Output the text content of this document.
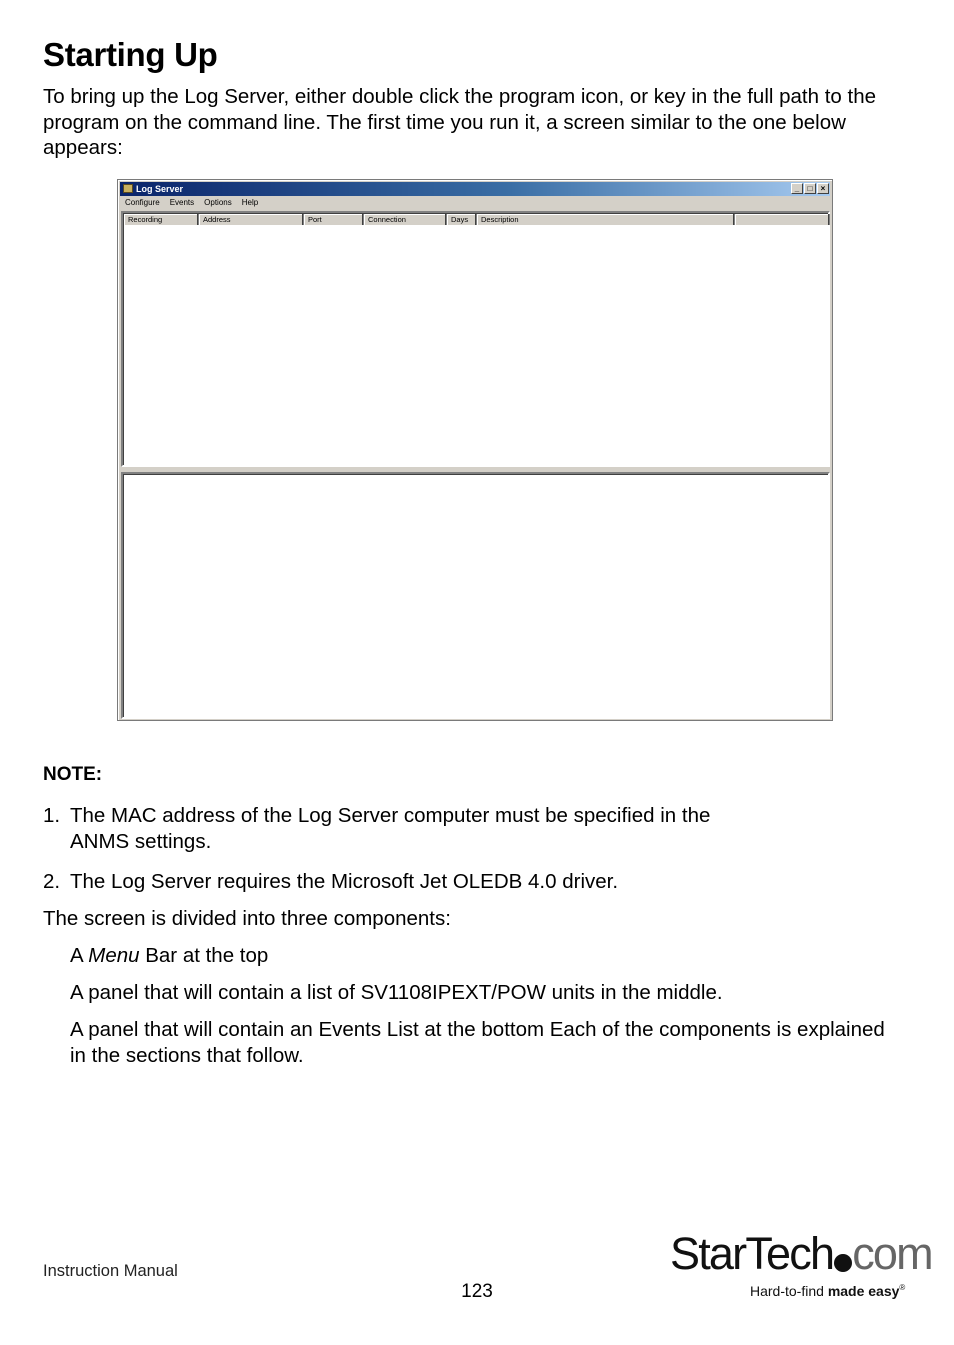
Starting Up

To bring up the Log Server, either double click the program icon, or key in the full path to the program on the command line. The first time you run it, a screen similar to the one below appears:

Log Server	_	□	×
Configure	Events	Options	Help
Recording	Address	Port	Connection	Days	Description

NOTE:

1. The MAC address of the Log Server computer must be specified in the ANMS settings.
2. The Log Server requires the Microsoft Jet OLEDB 4.0 driver.

The screen is divided into three components:

A Menu Bar at the top

A panel that will contain a list of SV1108IPEXT/POW units in the middle.

A panel that will contain an Events List at the bottom Each of the components is explained in the sections that follow.

Instruction Manual
123
StarTech com
Hard-to-find made easy®
